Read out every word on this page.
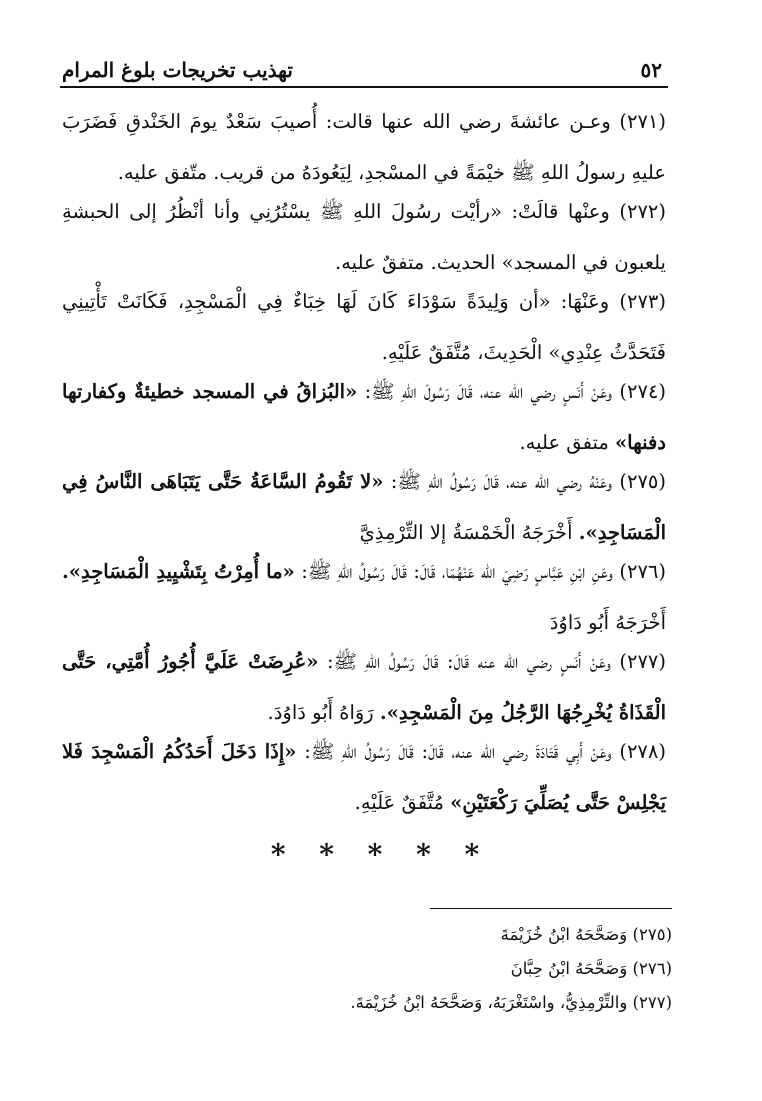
تهذيب تخريجات بلوغ المرام	٥٢

(٢٧١) وعـن عائشةَ رضي الله عنها قالت: أُصيبَ سَعْدٌ يومَ الخَنْدقِ فَضَرَبَ عليهِ رسولُ اللهِ ﷺ خيْمَةً في المسْجدِ، لِيَعُودَهُ من قريب. متّفق عليه.

(٢٧٢) وعنْها قالَتْ: «رأيْت رسُولَ اللهِ ﷺ يسْتُرُنِي وأنا أنْظُرُ إلى الحبشةِ يلعبون في المسجد» الحديث. متفقٌ عليه.

(٢٧٣) وعَنْهَا: «أن وَلِيدَةً سَوْدَاءَ كَانَ لَهَا خِبَاءٌ فِي الْمَسْجِدِ، فَكَانَتْ تَأْتِينِي فَتَحَدَّثُ عِنْدِي» الْحَدِيثَ، مُتَّفَقٌ عَلَيْهِ.

(٢٧٤) وعَنْ أَنَسٍ رضي الله عنه، قَالَ رَسُولَ اللهِ ﷺ: «البُزاقُ في المسجد خطيئةٌ وكفارتها دفنها» متفق عليه.

(٢٧٥) وعَنْهُ رضي الله عنه، قَالَ رَسُولُ اللهِ ﷺ: «لا تَقُومُ السَّاعَةُ حَتَّى يَتَبَاهَى النَّاسُ فِي الْمَسَاجِدِ». أَخْرَجَهُ الْخَمْسَةُ إلا التِّرْمِذِيَّ

(٢٧٦) وعَنِ ابْنِ عَبَّاسٍ رَضِيَ الله عَنْهُمَا، قَالَ: قَالَ رَسُولُ اللهِ ﷺ: «ما أُمِرْتُ بِتَشْيِيدِ الْمَسَاجِدِ». أَخْرَجَهُ أَبُو دَاوُدَ

(٢٧٧) وعَنْ أَنَسٍ رضي الله عنه قَالَ: قَالَ رَسُولُ اللهِ ﷺ: «عُرِضَتْ عَلَيَّ أُجُورُ أُمَّتِي، حَتَّى الْقَذَاةُ يُخْرِجُهَا الرَّجُلُ مِنَ الْمَسْجِدِ». رَوَاهُ أَبُو دَاوُدَ.

(٢٧٨) وعَنْ أَبِي قَتَادَةَ رضي الله عنه، قَالَ: قَالَ رَسُولُ اللهِ ﷺ: «إِذَا دَخَلَ أَحَدُكُمُ الْمَسْجِدَ فَلا يَجْلِسْ حَتَّى يُصَلِّيَ رَكْعَتَيْنِ» مُتَّفَقٌ عَلَيْهِ.

* * * * *
(٢٧٥) وَصَحَّحَهُ ابْنُ خُزَيْمَةَ
(٢٧٦) وَصَحَّحَهُ ابْنُ حِبَّانَ
(٢٧٧) والتِّرْمِذِيُّ، واسْتَغْرَبَهُ، وَصَحَّحَهُ ابْنُ خُزَيْمَةَ.
